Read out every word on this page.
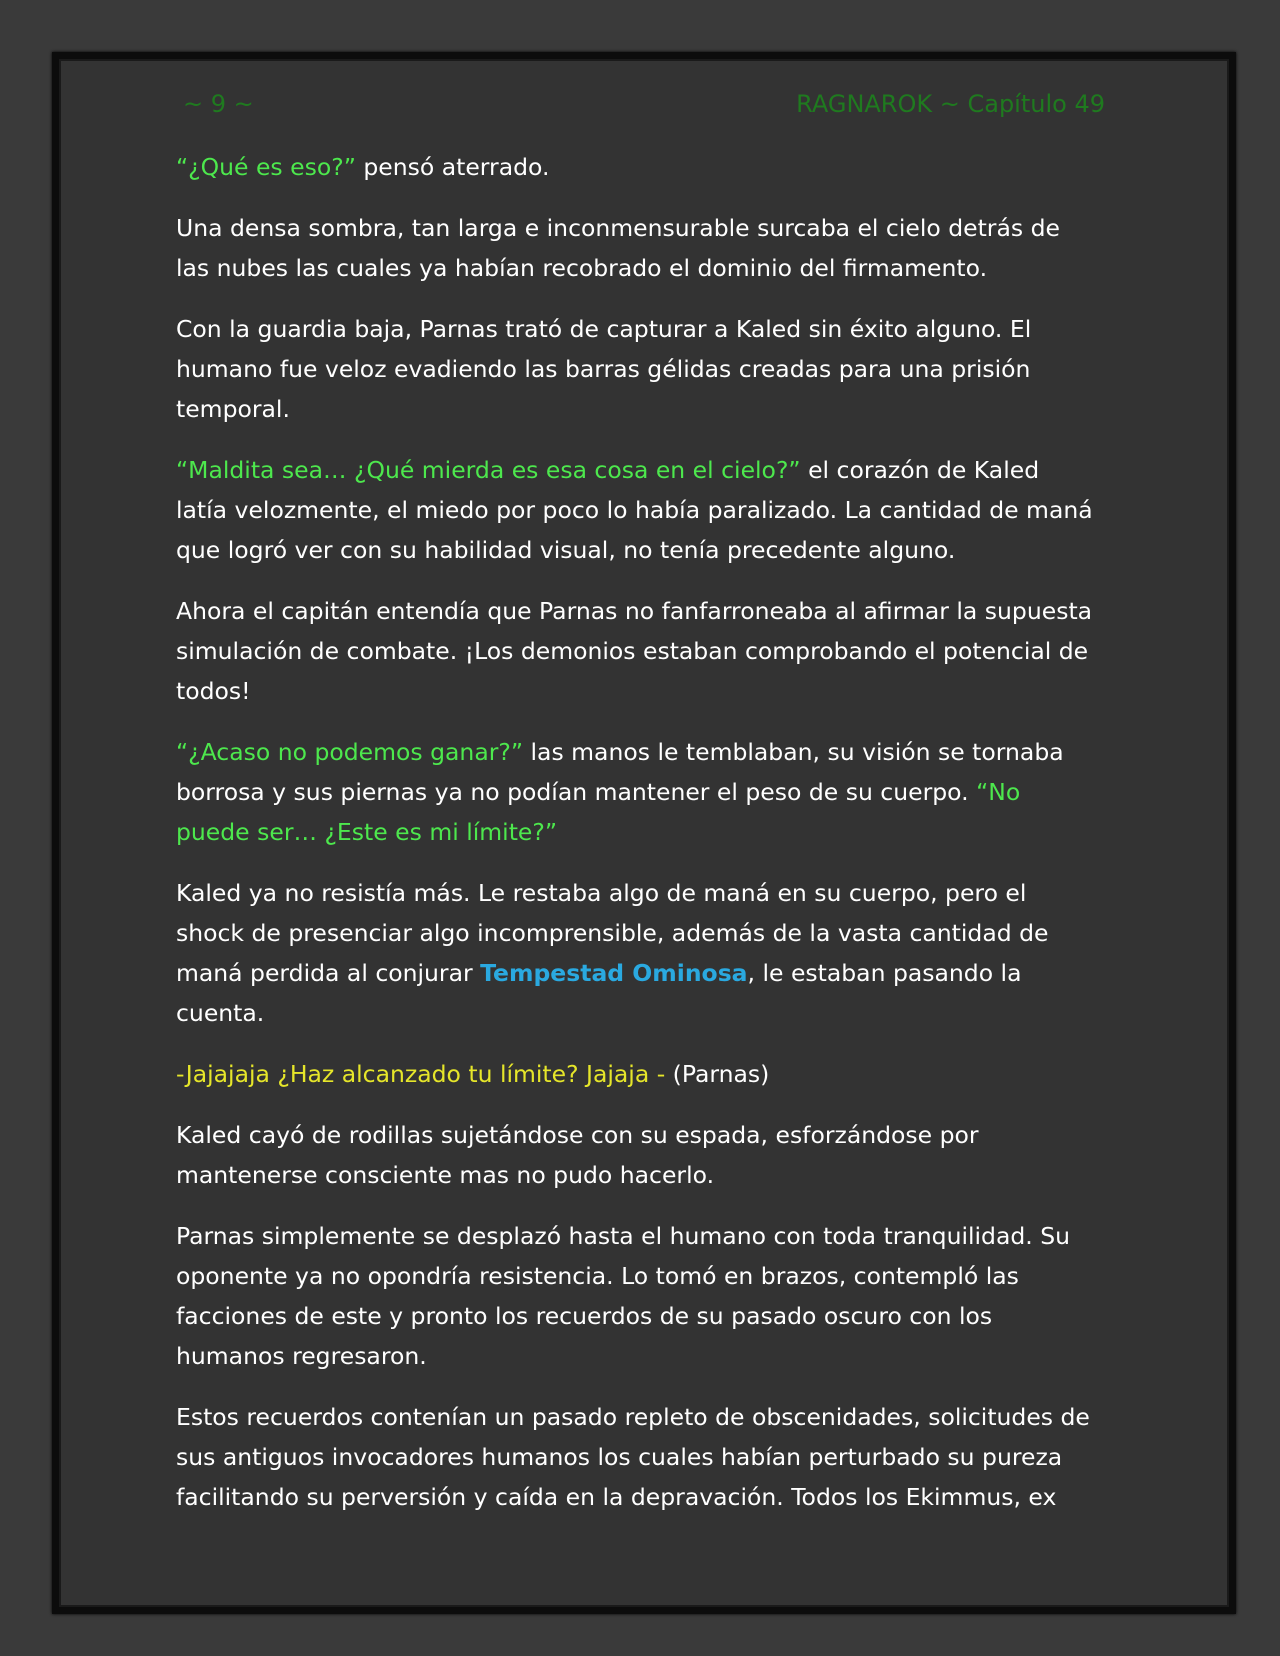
~ 9 ~	RAGNAROK ~ Capítulo 49

“¿Qué es eso?” pensó aterrado.

Una densa sombra, tan larga e inconmensurable surcaba el cielo detrás de las nubes las cuales ya habían recobrado el dominio del firmamento.

Con la guardia baja, Parnas trató de capturar a Kaled sin éxito alguno. El humano fue veloz evadiendo las barras gélidas creadas para una prisión temporal.

“Maldita sea… ¿Qué mierda es esa cosa en el cielo?” el corazón de Kaled latía velozmente, el miedo por poco lo había paralizado. La cantidad de maná que logró ver con su habilidad visual, no tenía precedente alguno.

Ahora el capitán entendía que Parnas no fanfarroneaba al afirmar la supuesta simulación de combate. ¡Los demonios estaban comprobando el potencial de todos!

“¿Acaso no podemos ganar?” las manos le temblaban, su visión se tornaba borrosa y sus piernas ya no podían mantener el peso de su cuerpo. “No puede ser… ¿Este es mi límite?”

Kaled ya no resistía más. Le restaba algo de maná en su cuerpo, pero el shock de presenciar algo incomprensible, además de la vasta cantidad de maná perdida al conjurar Tempestad Ominosa, le estaban pasando la cuenta.

-Jajajaja ¿Haz alcanzado tu límite? Jajaja - (Parnas)

Kaled cayó de rodillas sujetándose con su espada, esforzándose por mantenerse consciente mas no pudo hacerlo.

Parnas simplemente se desplazó hasta el humano con toda tranquilidad. Su oponente ya no opondría resistencia. Lo tomó en brazos, contempló las facciones de este y pronto los recuerdos de su pasado oscuro con los humanos regresaron.

Estos recuerdos contenían un pasado repleto de obscenidades, solicitudes de sus antiguos invocadores humanos los cuales habían perturbado su pureza facilitando su perversión y caída en la depravación. Todos los Ekimmus, ex
